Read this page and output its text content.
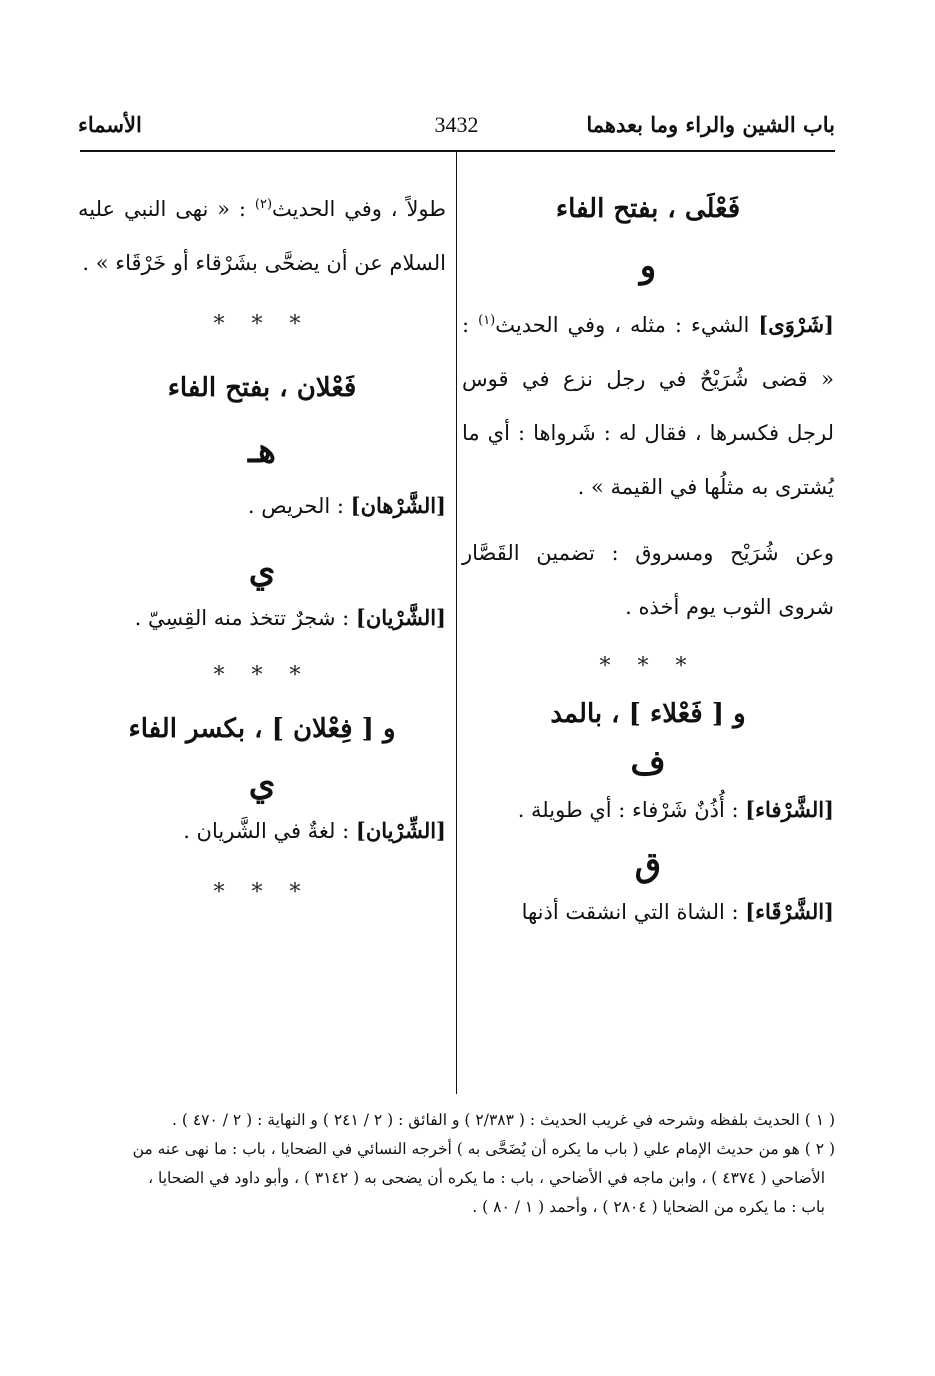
باب الشين والراء وما بعدهما
3432
الأسماء

فَعْلَى ، بفتح الفاء

و

[شَرْوَى] الشيء : مثله ، وفي الحديث$^{(١)}$ : « قضى شُرَيْحٌ في رجل نزع في قوس لرجل فكسرها ، فقال له : شَرواها : أي ما يُشترى به مثلُها في القيمة » .

وعن شُرَيْح ومسروق : تضمين القَصَّار شروى الثوب يوم أخذه .

* * *

و [ فَعْلاء ] ، بالمد

ف

[الشَّرْفاء] : أُذُنٌ شَرْفاء : أي طويلة .

ق

[الشَّرْقَاء] : الشاة التي انشقت أذنها

طولاً ، وفي الحديث$^{(٢)}$ : « نهى النبي عليه السلام عن أن يضحَّى بشَرْقاء أو خَرْقَاء » .

* * *

فَعْلان ، بفتح الفاء

هـ

[الشَّرْهان] : الحريص .

ي

[الشَّرْيان] : شجرٌ تتخذ منه القِسِيّ .

* * *

و [ فِعْلان ] ، بكسر الفاء

ي

[الشِّرْيان] : لغةٌ في الشَّريان .

* * *

( ١ ) الحديث بلفظه وشرحه في غريب الحديث : ( ٢/٣٨٣ ) و الفائق : ( ٢ / ٢٤١ ) و النهاية : ( ٢ / ٤٧٠ ) .

( ٢ ) هو من حديث الإمام علي ( باب ما يكره أن يُضَحَّى به ) أخرجه النسائي في الضحايا ، باب : ما نهى عنه من

الأضاحي ( ٤٣٧٤ ) ، وابن ماجه في الأضاحي ، باب : ما يكره أن يضحى به ( ٣١٤٢ ) ، وأبو داود في الضحايا ،

باب : ما يكره من الضحايا ( ٢٨٠٤ ) ، وأحمد ( ١ / ٨٠ ) .
